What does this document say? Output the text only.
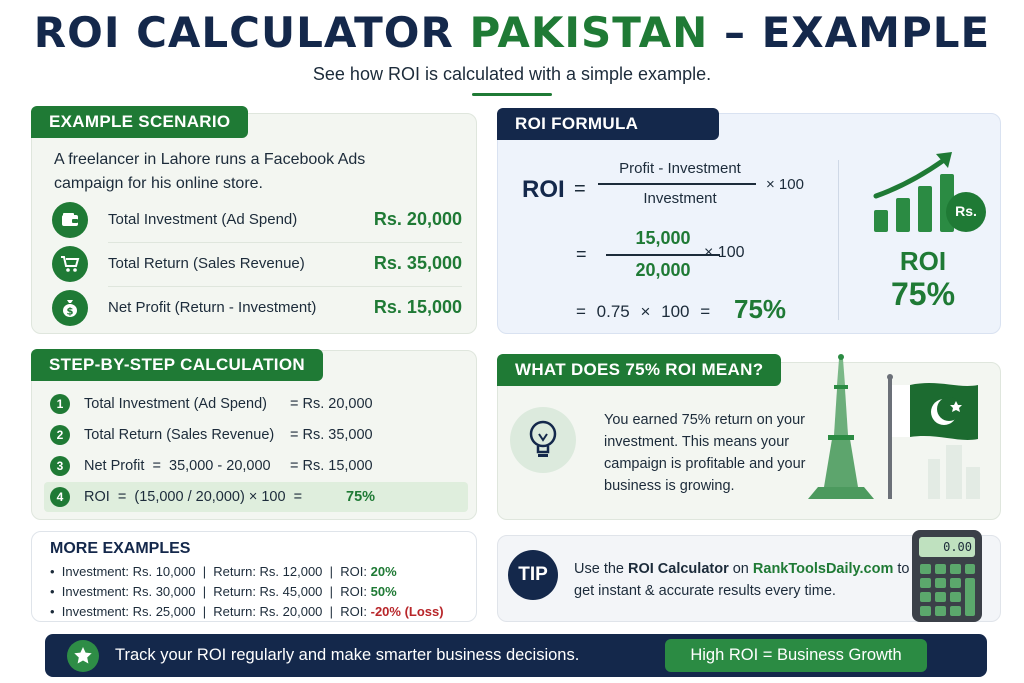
ROI CALCULATOR PAKISTAN – EXAMPLE
See how ROI is calculated with a simple example.
EXAMPLE SCENARIO
A freelancer in Lahore runs a Facebook Ads campaign for his online store.
Total Investment (Ad Spend)	Rs. 20,000
Total Return (Sales Revenue)	Rs. 35,000
$ Net Profit (Return - Investment)	Rs. 15,000
ROI FORMULA
ROI =
Profit - Investment
Investment
× 100
=
15,000
20,000
× 100
= 0.75 × 100 = 75%
Rs.
ROI
75%
STEP-BY-STEP CALCULATION
1	Total Investment (Ad Spend) = Rs. 20,000
2	Total Return (Sales Revenue) = Rs. 35,000
3	Net Profit  =  35,000 - 20,000 = Rs. 15,000
4	ROI  =  (15,000 / 20,000) × 100  =	75%
WHAT DOES 75% ROI MEAN?
You earned 75% return on your investment. This means your campaign is profitable and your business is growing.
MORE EXAMPLES
•  Investment: Rs. 10,000  |  Return: Rs. 12,000  |  ROI: 20%
•  Investment: Rs. 30,000  |  Return: Rs. 45,000  |  ROI: 50%
•  Investment: Rs. 25,000  |  Return: Rs. 20,000  |  ROI: -20% (Loss)
TIP	Use the ROI Calculator on RankToolsDaily.com to get instant & accurate results every time.
0.00
Track your ROI regularly and make smarter business decisions.	High ROI = Business Growth
